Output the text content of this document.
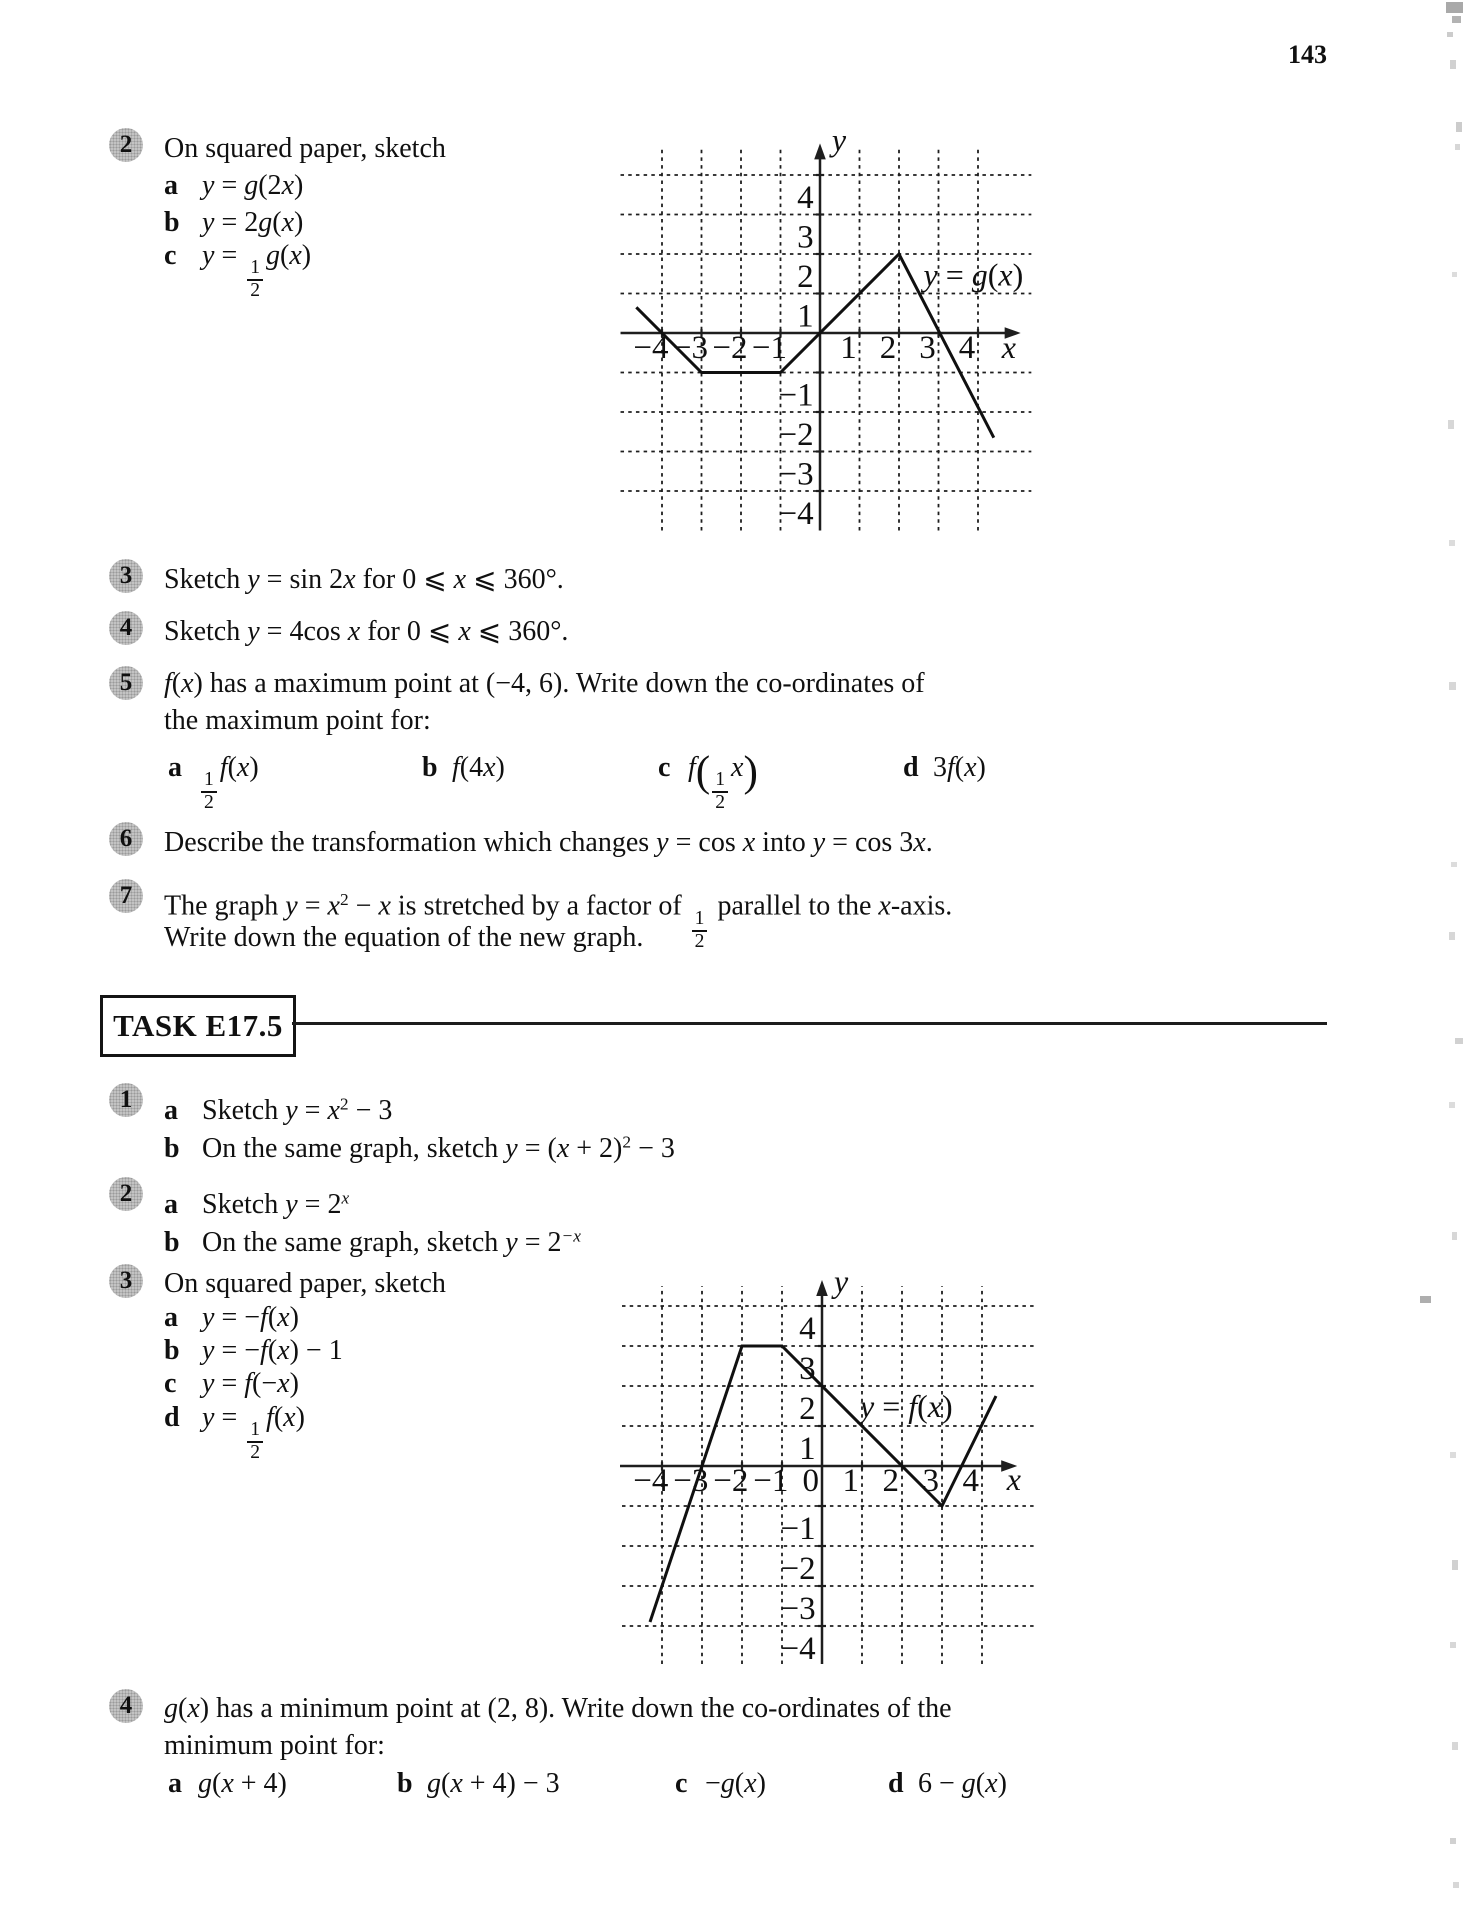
143
2	On squared paper, sketch
a y = g(2x)
b y = 2g(x)
c y =
$\frac{1}{2}$
g(x)
−4 −3 −2 −1 1 2 3 4
4
3
2
1
−1
−2
−3
−4
y = g(x)
x
y
3	Sketch y = sin 2x for 0 ⩽ x ⩽ 360°.
4	Sketch y = 4cos x for 0 ⩽ x ⩽ 360°.
5	f(x) has a maximum point at (−4, 6). Write down the co-ordinates of
the maximum point for:
a
$\frac{1}{2}$
f(x)	b f(4x)	c $f( \frac{1}{2}$
x)	d 3f(x)
6	Describe the transformation which changes y = cos x into y = cos 3x.
7	The graph $y = x^2 - x$ is stretched by a factor of
$\frac{1}{2}$
parallel to the x-axis.
Write down the equation of the new graph.
TASK E17.5
1	a Sketch $y = x^2 - 3$
b On the same graph, sketch $y = (x + 2)^2 - 3$
2	a Sketch $y = 2^x$
b On the same graph, sketch $y = 2^{-x}$
3	On squared paper, sketch
a y = −f(x)
b y = −f(x) − 1
c y = f(−x)
d y =
$\frac{1}{2}$
f(x)
−4 −3 −2 −1 0 1 2 3 4
4
3
2
1
−1
−2
−3
−4
y = f(x)
x
y
4	g(x) has a minimum point at (2, 8). Write down the co-ordinates of the
minimum point for:
a g(x + 4)	b g(x + 4) − 3	c −g(x)	d 6 − g(x)
